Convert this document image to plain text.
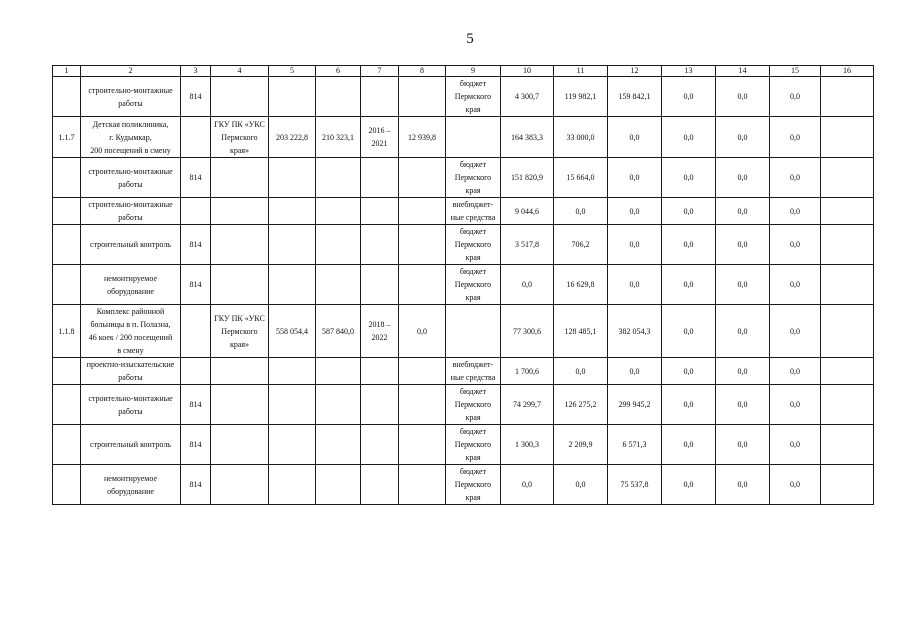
5
1	2	3	4	5	6	7	8	9	10	11	12	13	14	15	16
	строительно-монтажные работы	814						бюджет
Пермского
края	4 300,7	119 982,1	159 842,1	0,0	0,0	0,0	
1.1.7	Детская поликлиника,
г. Кудымкар,
200 посещений в смену		ГКУ ПК «УКС
Пермского
края»	203 222,8	210 323,1	2016 –
2021	12 939,8		164 383,3	33 000,0	0,0	0,0	0,0	0,0	
	строительно-монтажные работы	814						бюджет
Пермского
края	151 820,9	15 664,0	0,0	0,0	0,0	0,0	
	строительно-монтажные работы							внебюджет-ные средства	9 044,6	0,0	0,0	0,0	0,0	0,0	
	строительный контроль	814						бюджет
Пермского
края	3 517,8	706,2	0,0	0,0	0,0	0,0	
	немонтируемое
оборудование	814						бюджет
Пермского
края	0,0	16 629,8	0,0	0,0	0,0	0,0	
1.1.8	Комплекс районной
больницы в п. Полазна,
46 коек / 200 посещений
в смену		ГКУ ПК «УКС
Пермского
края»	558 054,4	587 840,0	2018 –
2022	0,0		77 300,6	128 485,1	382 054,3	0,0	0,0	0,0	
	проектно-изыскательские работы							внебюджет-ные средства	1 700,6	0,0	0,0	0,0	0,0	0,0	
	строительно-монтажные работы	814						бюджет
Пермского
края	74 299,7	126 275,2	299 945,2	0,0	0,0	0,0	
	строительный контроль	814						бюджет
Пермского
края	1 300,3	2 209,9	6 571,3	0,0	0,0	0,0	
	немонтируемое
оборудование	814						бюджет
Пермского
края	0,0	0,0	75 537,8	0,0	0,0	0,0	
